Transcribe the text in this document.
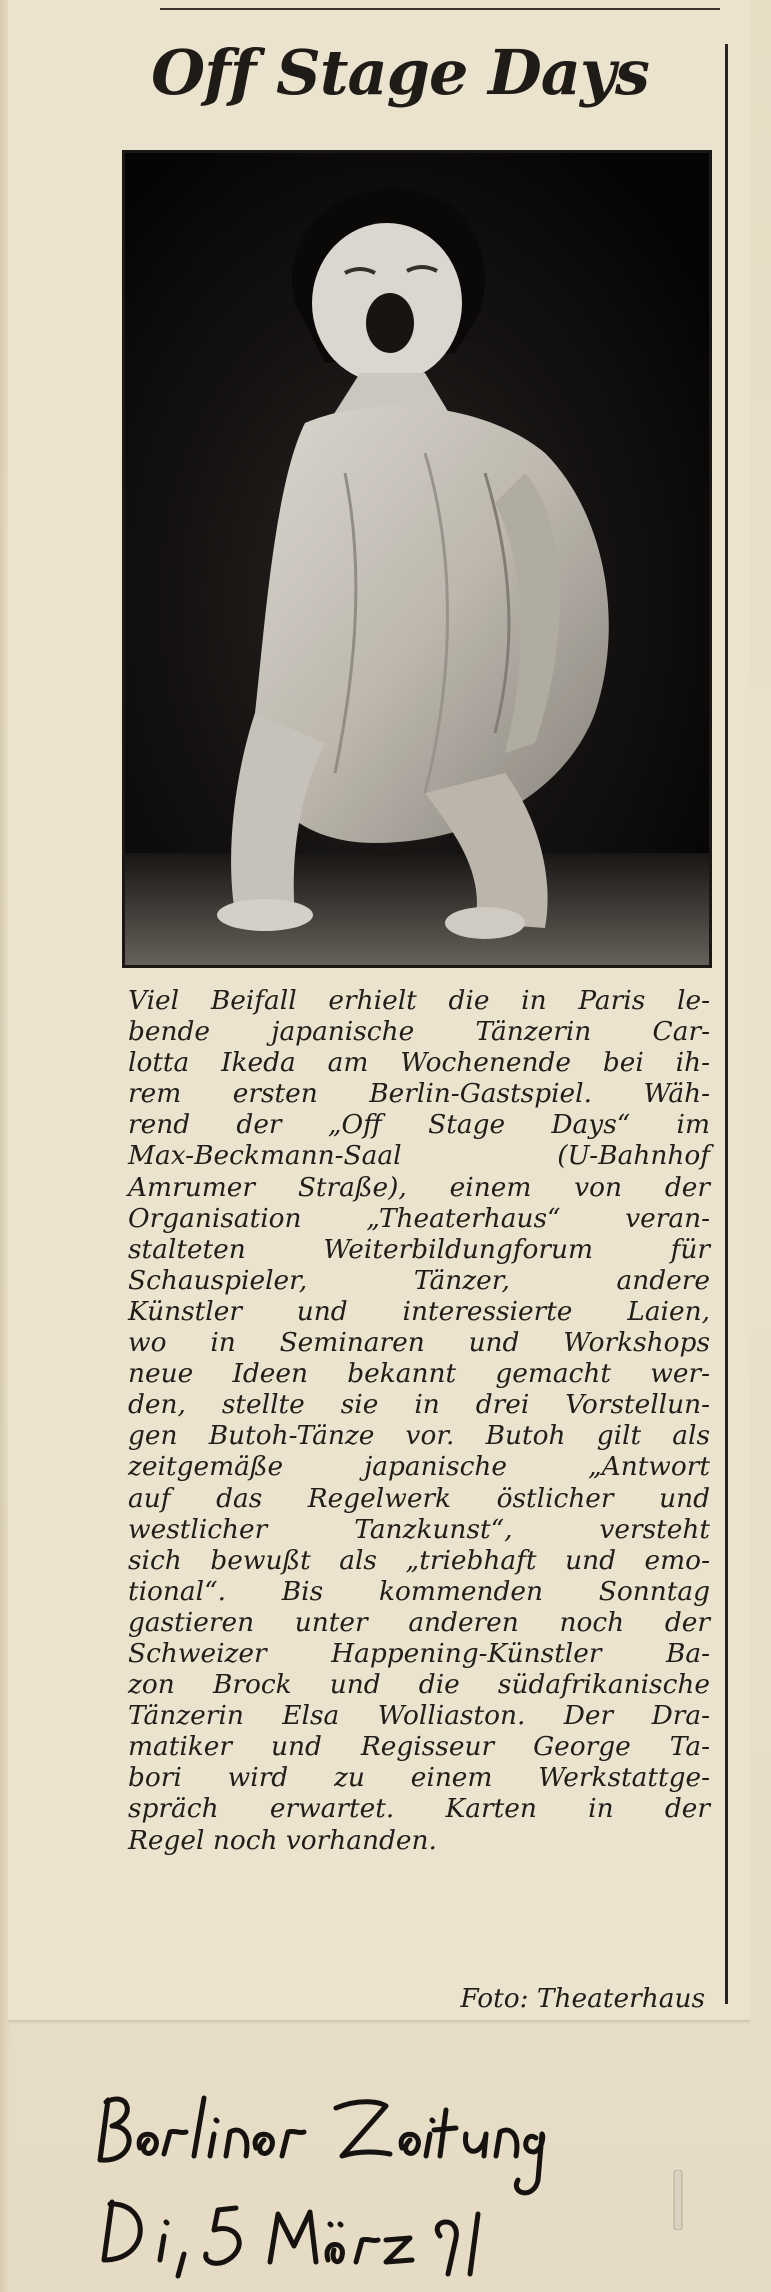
Off Stage Days
Viel Beifall erhielt die in Paris le-
bende japanische Tänzerin Car-
lotta Ikeda am Wochenende bei ih-
rem ersten Berlin-Gastspiel. Wäh-
rend der „Off Stage Days“ im
Max-Beckmann-Saal (U-Bahnhof
Amrumer Straße), einem von der
Organisation „Theaterhaus“ veran-
stalteten Weiterbildungforum für
Schauspieler, Tänzer, andere
Künstler und interessierte Laien,
wo in Seminaren und Workshops
neue Ideen bekannt gemacht wer-
den, stellte sie in drei Vorstellun-
gen Butoh-Tänze vor. Butoh gilt als
zeitgemäße japanische „Antwort
auf das Regelwerk östlicher und
westlicher Tanzkunst“, versteht
sich bewußt als „triebhaft und emo-
tional“. Bis kommenden Sonntag
gastieren unter anderen noch der
Schweizer Happening-Künstler Ba-
zon Brock und die südafrikanische
Tänzerin Elsa Wolliaston. Der Dra-
matiker und Regisseur George Ta-
bori wird zu einem Werkstattge-
spräch erwartet. Karten in der
Regel noch vorhanden.

Foto: Theaterhaus
